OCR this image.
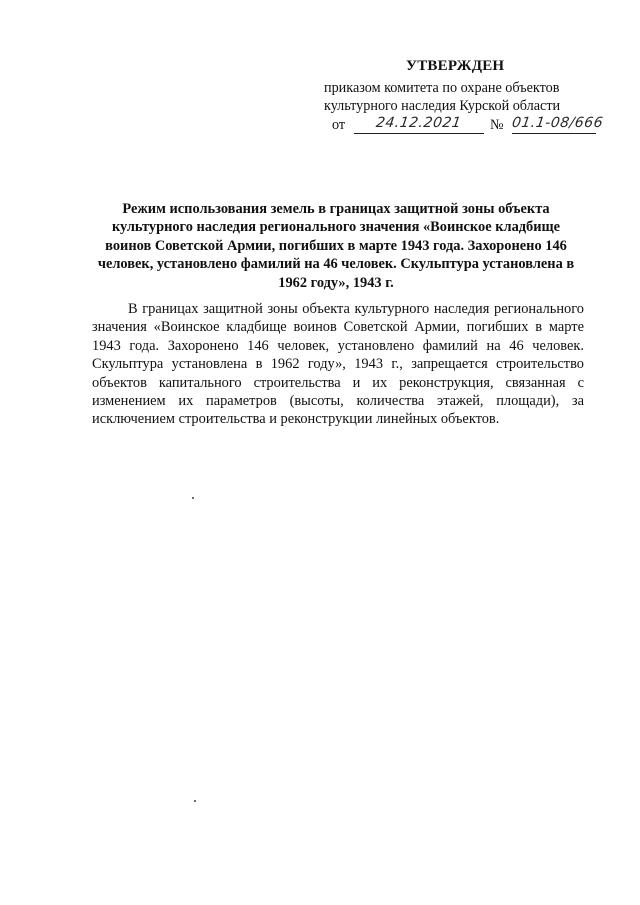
УТВЕРЖДЕН
приказом комитета по охране объектов
культурного наследия Курской области
от	24.12.2021	№ 01.1-08/666
Режим использования земель в границах защитной зоны объекта культурного наследия регионального значения «Воинское кладбище воинов Советской Армии, погибших в марте 1943 года. Захоронено 146 человек, установлено фамилий на 46 человек. Скульптура установлена в 1962 году», 1943 г.
В границах защитной зоны объекта культурного наследия регионального значения «Воинское кладбище воинов Советской Армии, погибших в марте 1943 года. Захоронено 146 человек, установлено фамилий на 46 человек. Скульптура установлена в 1962 году», 1943 г., запрещается строительство объектов капитального строительства и их реконструкция, связанная с изменением их параметров (высоты, количества этажей, площади), за исключением строительства и реконструкции линейных объектов.
